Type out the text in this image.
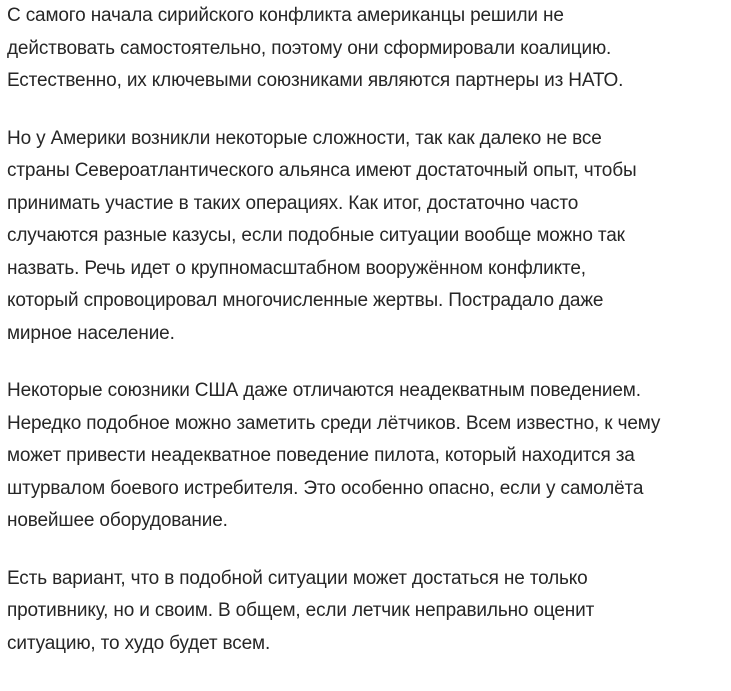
С самого начала сирийского конфликта американцы решили не
действовать самостоятельно, поэтому они сформировали коалицию.
Естественно, их ключевыми союзниками являются партнеры из НАТО.

Но у Америки возникли некоторые сложности, так как далеко не все
страны Североатлантического альянса имеют достаточный опыт, чтобы
принимать участие в таких операциях. Как итог, достаточно часто
случаются разные казусы, если подобные ситуации вообще можно так
назвать. Речь идет о крупномасштабном вооружённом конфликте,
который спровоцировал многочисленные жертвы. Пострадало даже
мирное население.

Некоторые союзники США даже отличаются неадекватным поведением.
Нередко подобное можно заметить среди лётчиков. Всем известно, к чему
может привести неадекватное поведение пилота, который находится за
штурвалом боевого истребителя. Это особенно опасно, если у самолёта
новейшее оборудование.

Есть вариант, что в подобной ситуации может достаться не только
противнику, но и своим. В общем, если летчик неправильно оценит
ситуацию, то худо будет всем.
